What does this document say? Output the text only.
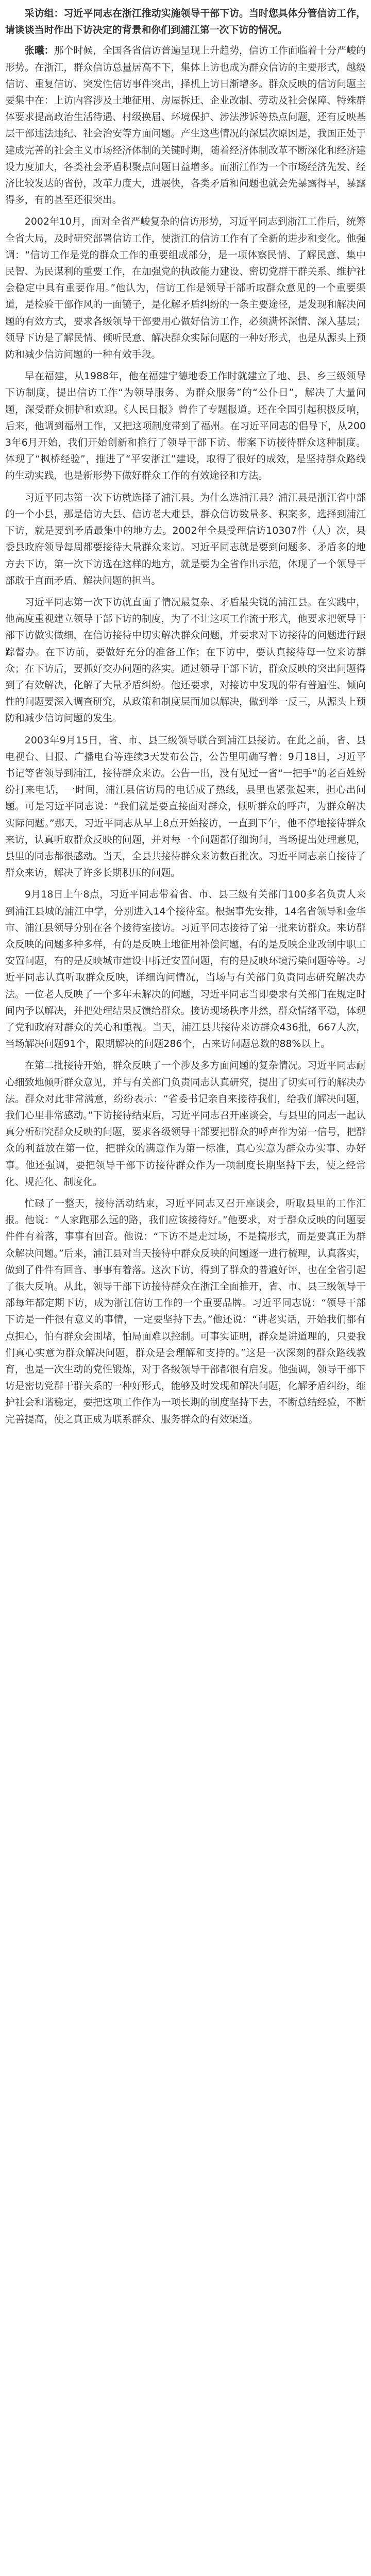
采访组：习近平同志在浙江推动实施领导干部下访。当时您具体分管信访工作，请谈谈当时作出下访决定的背景和你们到浦江第一次下访的情况。

张曦：那个时候，全国各省信访普遍呈现上升趋势，信访工作面临着十分严峻的形势。在浙江，群众信访总量居高不下，集体上访也成为群众信访的主要形式，越级信访、重复信访、突发性信访事件突出，择机上访日渐增多。群众反映的信访问题主要集中在：上访内容涉及土地征用、房屋拆迁、企业改制、劳动及社会保障、特殊群体要求提高政治生活待遇、村级换届、环境保护、涉法涉诉等热点问题，还有反映基层干部违法违纪、社会治安等方面问题。产生这些情况的深层次原因是，我国正处于建成完善的社会主义市场经济体制的关键时期，随着经济体制改革不断深化和经济建设力度加大，各类社会矛盾积聚点问题日益增多。而浙江作为一个市场经济先发、经济比较发达的省份，改革力度大，进展快，各类矛盾和问题也就会先暴露得早，暴露得多，有的甚至还很突出。

2002年10月，面对全省严峻复杂的信访形势，习近平同志到浙江工作后，统筹全省大局，及时研究部署信访工作，使浙江的信访工作有了全新的进步和变化。他强调：“信访工作是党的群众工作的重要组成部分，是一项体察民情、了解民意、集中民智、为民谋利的重要工作，在加强党的执政能力建设、密切党群干群关系、维护社会稳定中具有重要作用。”他认为，信访工作是领导干部听取群众意见的一个重要渠道，是检验干部作风的一面镜子，是化解矛盾纠纷的一条主要途径，是发现和解决问题的有效方式，要求各级领导干部要用心做好信访工作，必须满怀深情、深入基层；领导下访是了解民情、倾听民意、解决群众实际问题的一种好形式，也是从源头上预防和减少信访问题的一种有效手段。

早在福建，从1988年，他在福建宁德地委工作时就建立了地、县、乡三级领导下访制度，提出信访工作“为领导服务、为群众服务”的“公仆日”，解决了大量问题，深受群众拥护和欢迎。《人民日报》曾作了专题报道。还在全国引起积极反响，后来，他调到福州工作，又把这项制度带到了福州。在习近平同志的倡导下，从2003年6月开始，我们开始创新和推行了领导干部下访、带案下访接待群众这种制度。体现了“枫桥经验”，推进了“平安浙江”建设，取得了很好的成效，是坚持群众路线的生动实践，也是新形势下做好群众工作的有效途径和方法。

习近平同志第一次下访就选择了浦江县。为什么选浦江县？浦江县是浙江省中部的一个小县，那是信访大县、信访老大难县，群众信访数量多、积案多，选择到浦江下访，就是要到矛盾最集中的地方去。2002年全县受理信访10307件（人）次，县委县政府领导每周都要接待大量群众来访。习近平同志就是要到问题多、矛盾多的地方去下访，第一次下访选在这样的地方，就是要为全省作出示范，体现了一个领导干部敢于直面矛盾、解决问题的担当。

习近平同志第一次下访就直面了情况最复杂、矛盾最尖锐的浦江县。在实践中，他高度重视建立领导干部下访的制度，为了不让这项工作流于形式，他要求把领导干部下访做实做细，在信访接待中切实解决群众问题，并要求对下访接待的问题进行跟踪督办。在下访前，要做好充分的准备工作；在下访中，要认真接待每一位来访群众；在下访后，要抓好交办问题的落实。通过领导干部下访，群众反映的突出问题得到了有效解决，化解了大量矛盾纠纷。他还要求，对接访中发现的带有普遍性、倾向性的问题要深入调查研究，从政策和制度层面加以解决，做到举一反三，从源头上预防和减少信访问题的发生。

2003年9月15日，省、市、县三级领导联合到浦江县接访。在此之前，省、县电视台、日报、广播电台等连续3天发布公告，公告里明确写着：9月18日，习近平书记等省领导到浦江，接待群众来访。公告一出，没有见过一省“一把手”的老百姓纷纷打来电话，一时间，浦江县信访局的电话成了热线，县里也紧张起来，担心出问题。可是习近平同志说：“我们就是要直接面对群众，倾听群众的呼声，为群众解决实际问题。”那天，习近平同志从早上8点开始接访，一直到下午，他不停地接待群众来访，认真听取群众反映的问题，并对每一个问题都仔细询问，当场提出处理意见，县里的同志都很感动。当天，全县共接待群众来访数百批次。习近平同志亲自接待了群众来访，解决了许多长期积压的问题。

9月18日上午8点，习近平同志带着省、市、县三级有关部门100多名负责人来到浦江县城的浦江中学，分别进入14个接待室。根据事先安排，14名省领导和金华市、浦江县领导分别在各个接待室接访。习近平同志接待了第一批来访群众。来访群众反映的问题多种多样，有的是反映土地征用补偿问题，有的是反映企业改制中职工安置问题，有的是反映城市建设中拆迁安置问题，有的是反映环境污染问题等等。习近平同志认真听取群众反映，详细询问情况，当场与有关部门负责同志研究解决办法。一位老人反映了一个多年未解决的问题，习近平同志当即要求有关部门在规定时间内予以解决，并把处理结果反馈给群众。接访现场秩序井然，群众情绪平稳，体现了党和政府对群众的关心和重视。当天，浦江县共接待来访群众436批，667人次，当场解决问题91个，限期解决的问题286个，占来访问题总数的88%以上。

在第二批接待开始，群众反映了一个涉及多方面问题的复杂情况。习近平同志耐心细致地倾听群众意见，并与有关部门负责同志认真研究，提出了切实可行的解决办法。群众对此非常满意，纷纷表示：“省委书记亲自来接待我们，给我们解决问题，我们心里非常感动。”下访接待结束后，习近平同志召开座谈会，与县里的同志一起认真分析研究群众反映的问题，要求各级领导干部要把群众的呼声作为第一信号，把群众的利益放在第一位，把群众的满意作为第一标准，真心实意为群众办实事、办好事。他还强调，要把领导干部下访接待群众作为一项制度长期坚持下去，使之经常化、规范化、制度化。

忙碌了一整天，接待活动结束，习近平同志又召开座谈会，听取县里的工作汇报。他说：“人家跑那么远的路，我们应该接待好。”他要求，对于群众反映的问题要件件有着落，事事有回音。他说：“下访不是走过场，不是搞形式，而是要真正为群众解决问题。”后来，浦江县对当天接待中群众反映的问题逐一进行梳理，认真落实，做到了件件有回音、事事有着落。这次下访，得到了群众的普遍好评，也在全省引起了很大反响。从此，领导干部下访接待群众在浙江全面推开，省、市、县三级领导干部每年都定期下访，成为浙江信访工作的一个重要品牌。习近平同志说：“领导干部下访是一件很有意义的事情，一定要坚持下去。”他还说：“讲老实话，开始我们都有点担心，怕有群众会围堵，怕局面难以控制。可事实证明，群众是讲道理的，只要我们真心实意为群众解决问题，群众是会理解和支持的。”这是一次深刻的群众路线教育，也是一次生动的党性锻炼，对于各级领导干部都很有启发。他强调，领导干部下访是密切党群干群关系的一种好形式，能够及时发现和解决问题，化解矛盾纠纷，维护社会和谐稳定，要把这项工作作为一项长期的制度坚持下去，不断总结经验，不断完善提高，使之真正成为联系群众、服务群众的有效渠道。
